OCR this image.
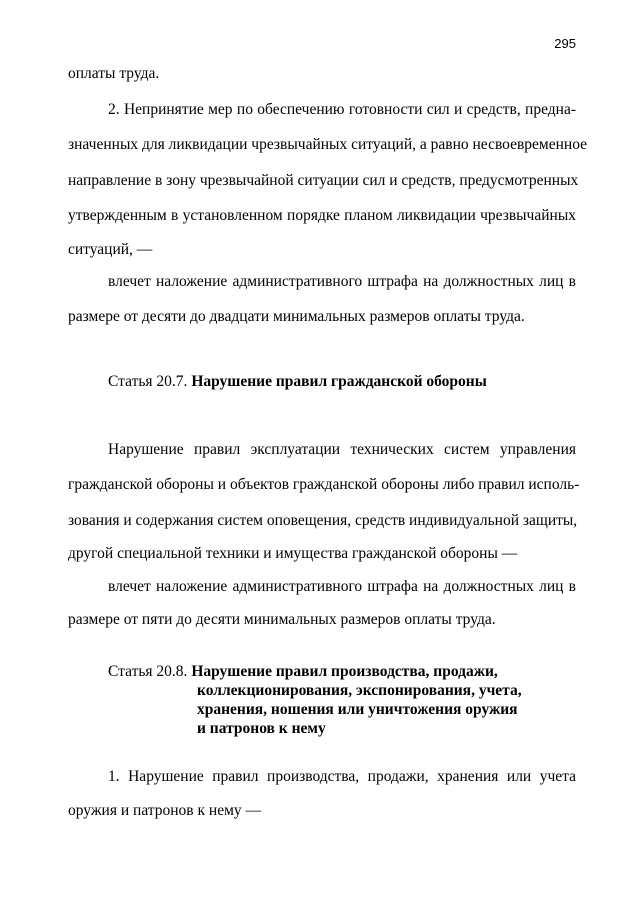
295
оплаты труда.
2. Непринятие мер по обеспечению готовности сил и средств, предна-
значенных для ликвидации чрезвычайных ситуаций, а равно несвоевременное
направление в зону чрезвычайной ситуации сил и средств, предусмотренных
утвержденным в установленном порядке планом ликвидации чрезвычайных
ситуаций, —
влечет наложение административного штрафа на должностных лиц в
размере от десяти до двадцати минимальных размеров оплаты труда.
Статья 20.7. Нарушение правил гражданской обороны
Нарушение правил эксплуатации технических систем управления
гражданской обороны и объектов гражданской обороны либо правил исполь-
зования и содержания систем оповещения, средств индивидуальной защиты,
другой специальной техники и имущества гражданской обороны —
влечет наложение административного штрафа на должностных лиц в
размере от пяти до десяти минимальных размеров оплаты труда.
Статья 20.8. Нарушение правил производства, продажи,
коллекционирования, экспонирования, учета,
хранения, ношения или уничтожения оружия
и патронов к нему
1. Нарушение правил производства, продажи, хранения или учета
оружия и патронов к нему —
